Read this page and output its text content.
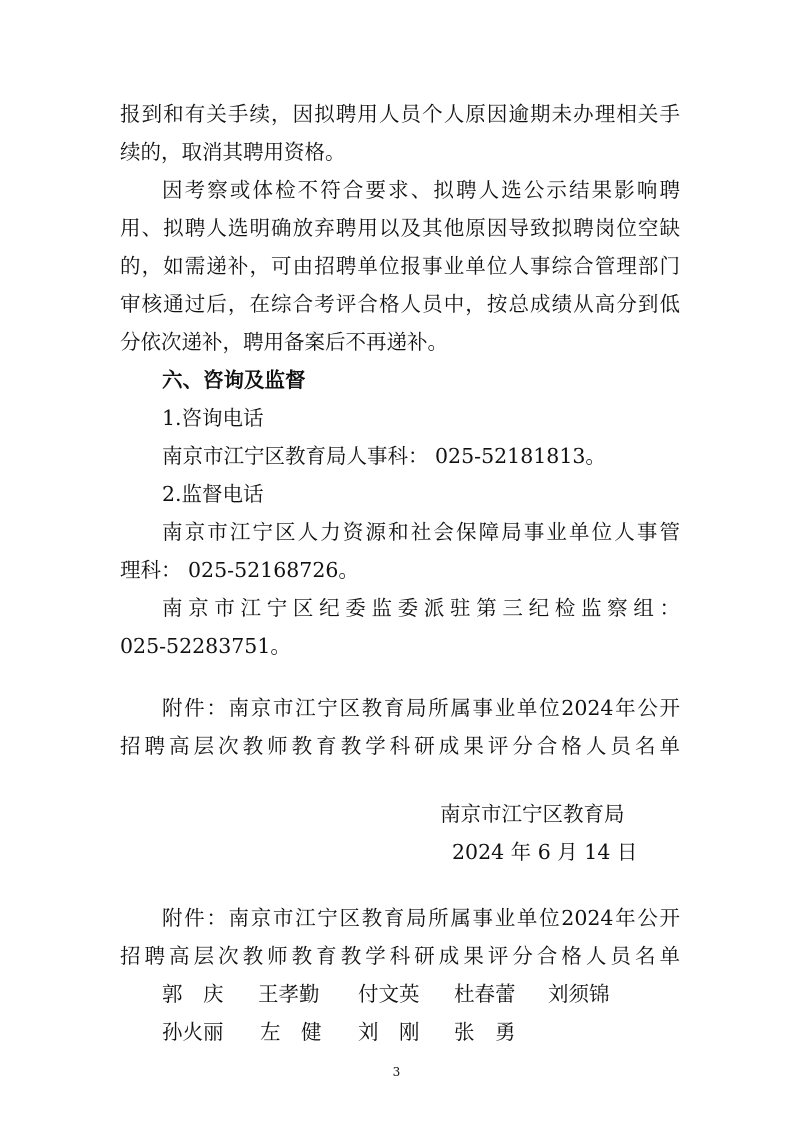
报到和有关手续，因拟聘用人员个人原因逾期未办理相关手
续的，取消其聘用资格。
因考察或体检不符合要求、拟聘人选公示结果影响聘
用、拟聘人选明确放弃聘用以及其他原因导致拟聘岗位空缺
的，如需递补，可由招聘单位报事业单位人事综合管理部门
审核通过后，在综合考评合格人员中，按总成绩从高分到低
分依次递补，聘用备案后不再递补。
六、咨询及监督
1.咨询电话
南京市江宁区教育局人事科： 025-52181813。
2.监督电话
南京市江宁区人力资源和社会保障局事业单位人事管
理科： 025-52168726。
南京市江宁区纪委监委派驻第三纪检监察组：
025-52283751。
附件：南京市江宁区教育局所属事业单位2024年公开
招聘高层次教师教育教学科研成果评分合格人员名单
南京市江宁区教育局
2024 年 6 月 14 日
附件：南京市江宁区教育局所属事业单位2024年公开
招聘高层次教师教育教学科研成果评分合格人员名单
郭　庆 王孝勤 付文英 杜春蕾 刘须锦
孙火丽 左　健 刘　刚 张　勇
3
